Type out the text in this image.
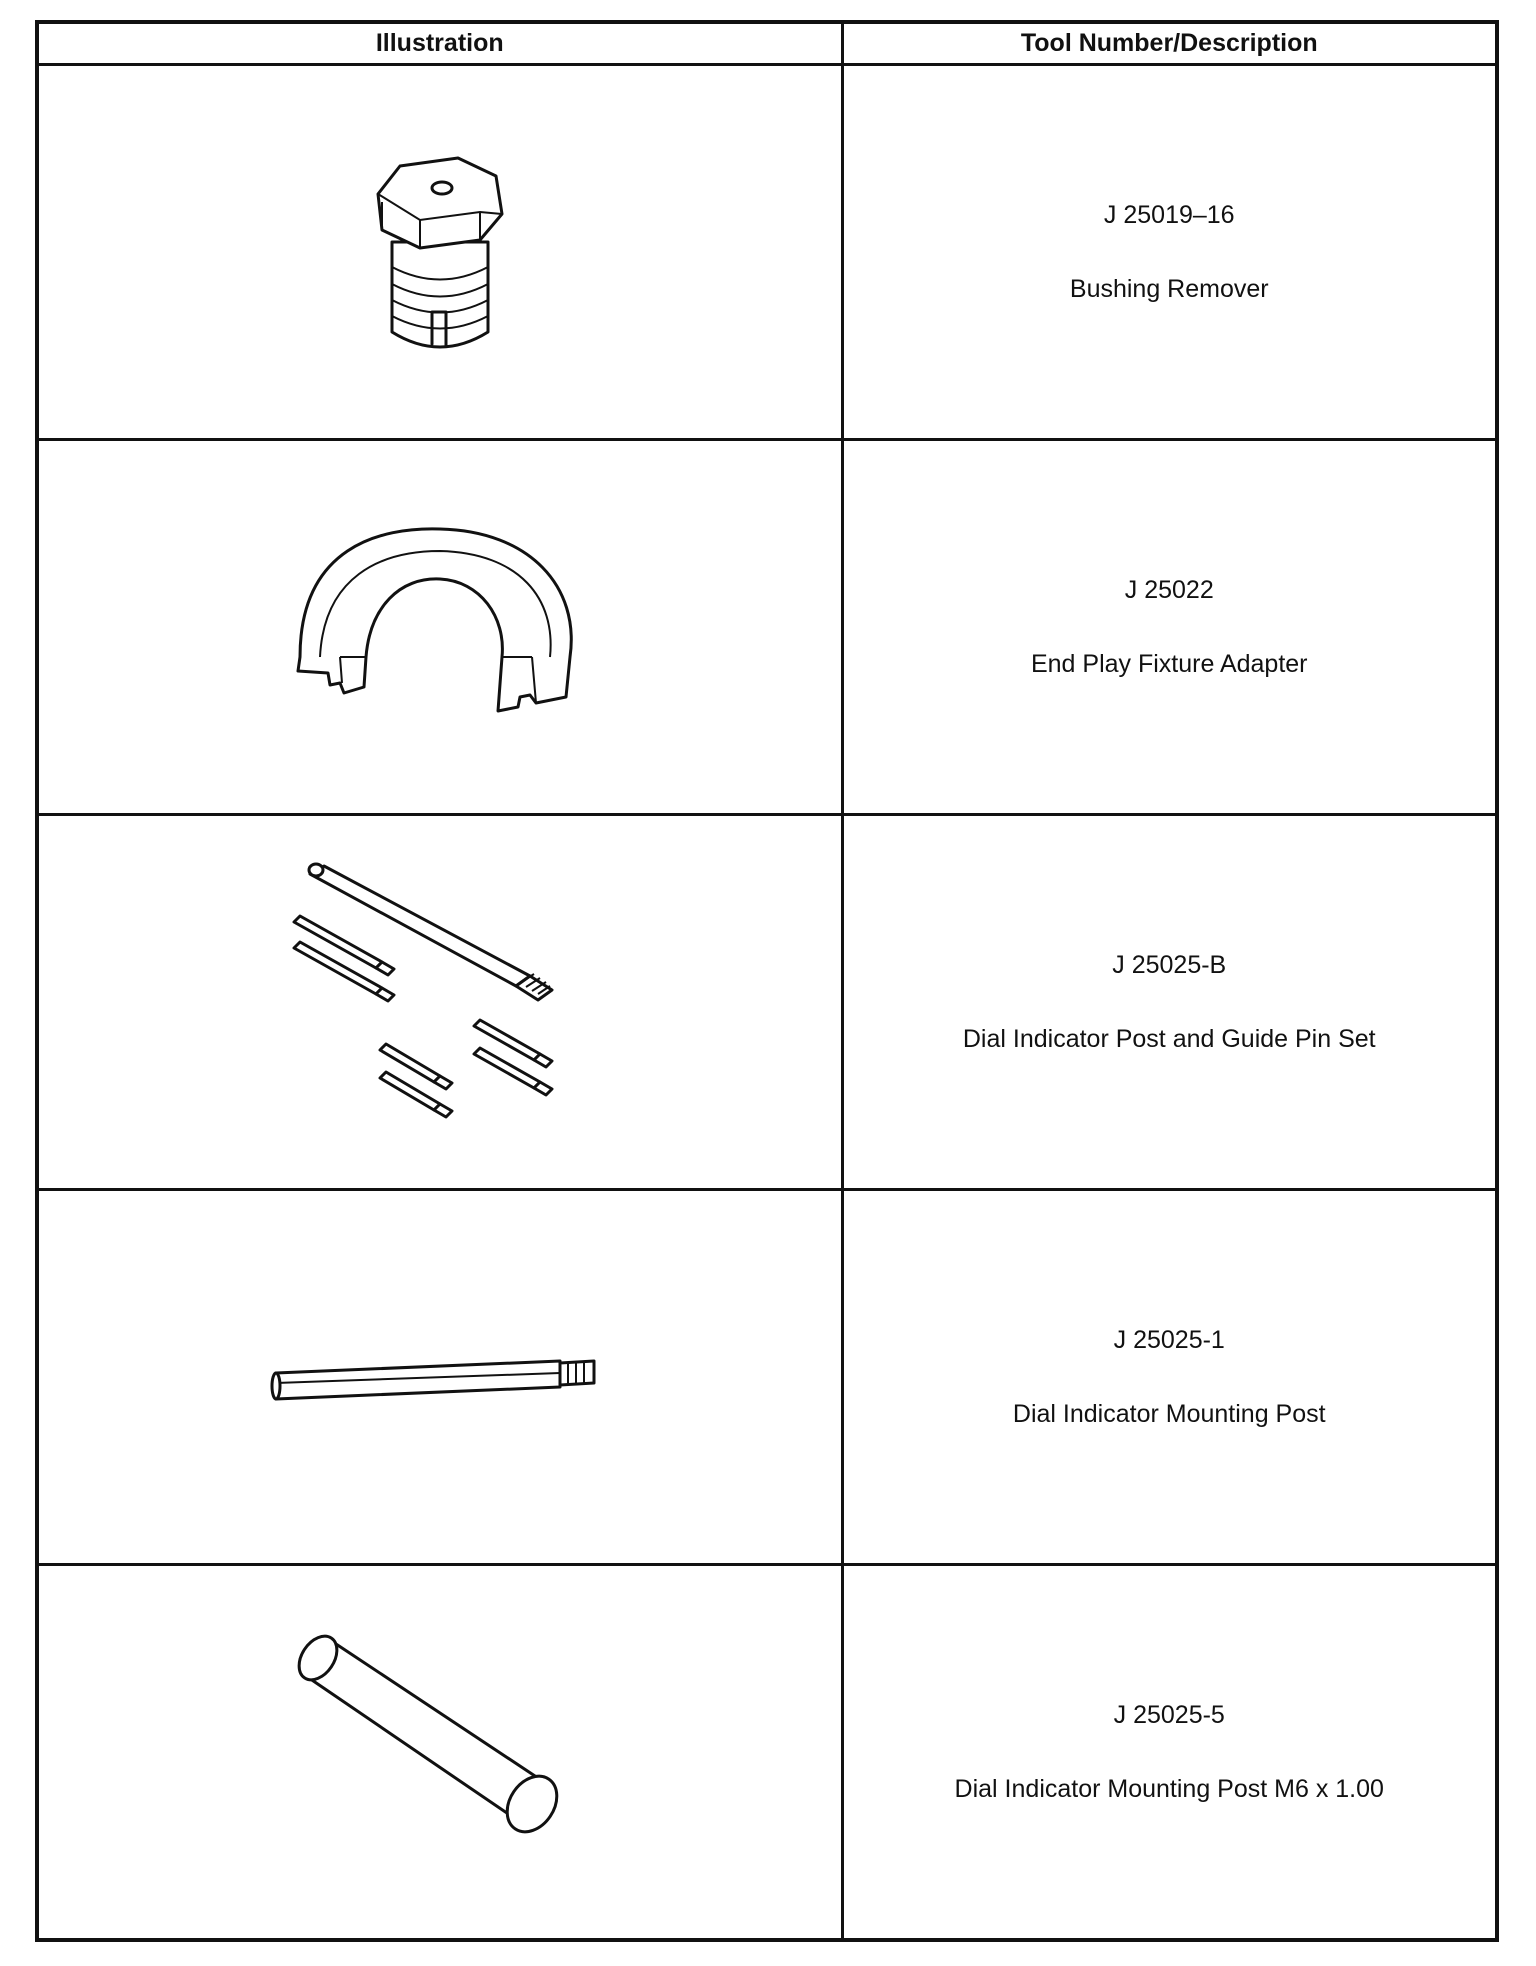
Illustration	Tool Number/Description

J 25019–16
Bushing Remover

J 25022
End Play Fixture Adapter

J 25025-B
Dial Indicator Post and Guide Pin Set

J 25025-1
Dial Indicator Mounting Post

J 25025-5
Dial Indicator Mounting Post M6 x 1.00
